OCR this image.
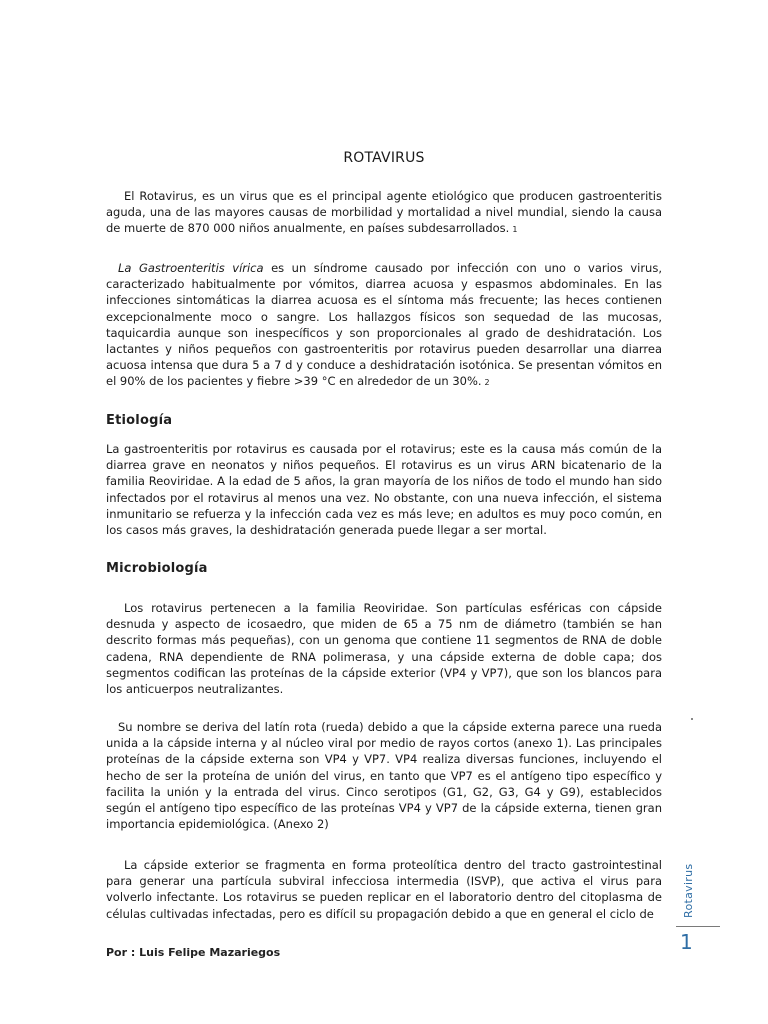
ROTAVIRUS

El Rotavirus, es un virus que es el principal agente etiológico que producen gastroenteritis aguda, una de las mayores causas de morbilidad y mortalidad a nivel mundial, siendo la causa de muerte de 870 000 niños anualmente, en países subdesarrollados. 1

La Gastroenteritis vírica es un síndrome causado por infección con uno o varios virus, caracterizado habitualmente por vómitos, diarrea acuosa y espasmos abdominales. En las infecciones sintomáticas la diarrea acuosa es el síntoma más frecuente; las heces contienen excepcionalmente moco o sangre. Los hallazgos físicos son sequedad de las mucosas, taquicardia aunque son inespecíficos y son proporcionales al grado de deshidratación. Los lactantes y niños pequeños con gastroenteritis por rotavirus pueden desarrollar una diarrea acuosa intensa que dura 5 a 7 d y conduce a deshidratación isotónica. Se presentan vómitos en el 90% de los pacientes y fiebre >39 °C en alrededor de un 30%. 2

Etiología

La gastroenteritis por rotavirus es causada por el rotavirus; este es la causa más común de la diarrea grave en neonatos y niños pequeños. El rotavirus es un virus ARN bicatenario de la familia Reoviridae. A la edad de 5 años, la gran mayoría de los niños de todo el mundo han sido infectados por el rotavirus al menos una vez. No obstante, con una nueva infección, el sistema inmunitario se refuerza y la infección cada vez es más leve; en adultos es muy poco común, en los casos más graves, la deshidratación generada puede llegar a ser mortal.

Microbiología

Los rotavirus pertenecen a la familia Reoviridae. Son partículas esféricas con cápside desnuda y aspecto de icosaedro, que miden de 65 a 75 nm de diámetro (también se han descrito formas más pequeñas), con un genoma que contiene 11 segmentos de RNA de doble cadena, RNA dependiente de RNA polimerasa, y una cápside externa de doble capa; dos segmentos codifican las proteínas de la cápside exterior (VP4 y VP7), que son los blancos para los anticuerpos neutralizantes.

Su nombre se deriva del latín rota (rueda) debido a que la cápside externa parece una rueda unida a la cápside interna y al núcleo viral por medio de rayos cortos (anexo 1). Las principales proteínas de la cápside externa son VP4 y VP7. VP4 realiza diversas funciones, incluyendo el hecho de ser la proteína de unión del virus, en tanto que VP7 es el antígeno tipo específico y facilita la unión y la entrada del virus. Cinco serotipos (G1, G2, G3, G4 y G9), establecidos según el antígeno tipo específico de las proteínas VP4 y VP7 de la cápside externa, tienen gran importancia epidemiológica. (Anexo 2)

La cápside exterior se fragmenta en forma proteolítica dentro del tracto gastrointestinal para generar una partícula subviral infecciosa intermedia (ISVP), que activa el virus para volverlo infectante. Los rotavirus se pueden replicar en el laboratorio dentro del citoplasma de células cultivadas infectadas, pero es difícil su propagación debido a que en general el ciclo de

Por : Luis Felipe Mazariegos
Rotavirus
1
